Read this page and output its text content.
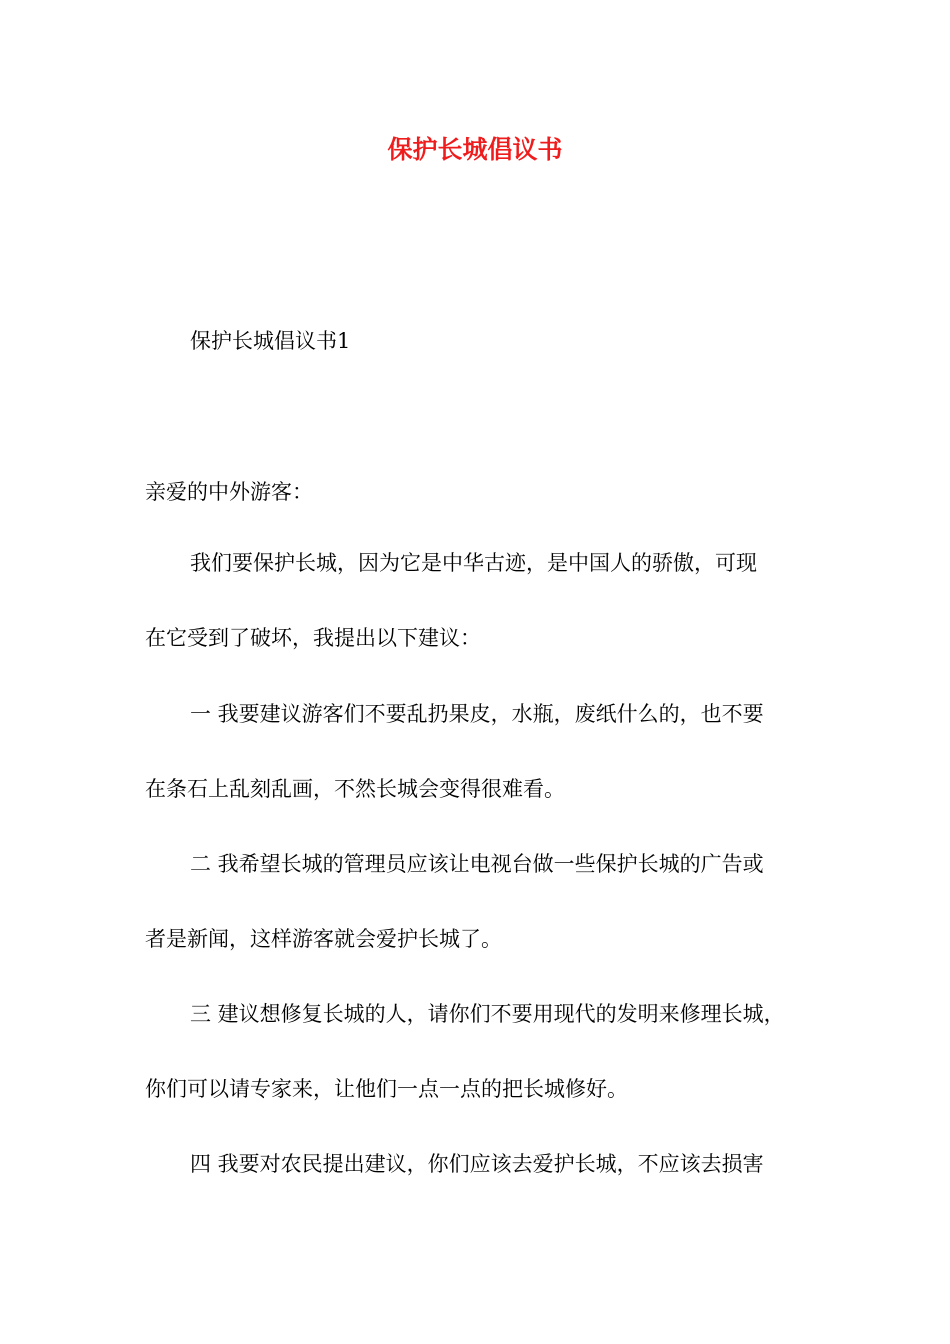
保护长城倡议书
保护长城倡议书1
亲爱的中外游客：
我们要保护长城，因为它是中华古迹，是中国人的骄傲，可现
在它受到了破坏，我提出以下建议：
一 我要建议游客们不要乱扔果皮，水瓶，废纸什么的，也不要
在条石上乱刻乱画，不然长城会变得很难看。
二 我希望长城的管理员应该让电视台做一些保护长城的广告或
者是新闻，这样游客就会爱护长城了。
三 建议想修复长城的人，请你们不要用现代的发明来修理长城，
你们可以请专家来，让他们一点一点的把长城修好。
四 我要对农民提出建议，你们应该去爱护长城，不应该去损害
